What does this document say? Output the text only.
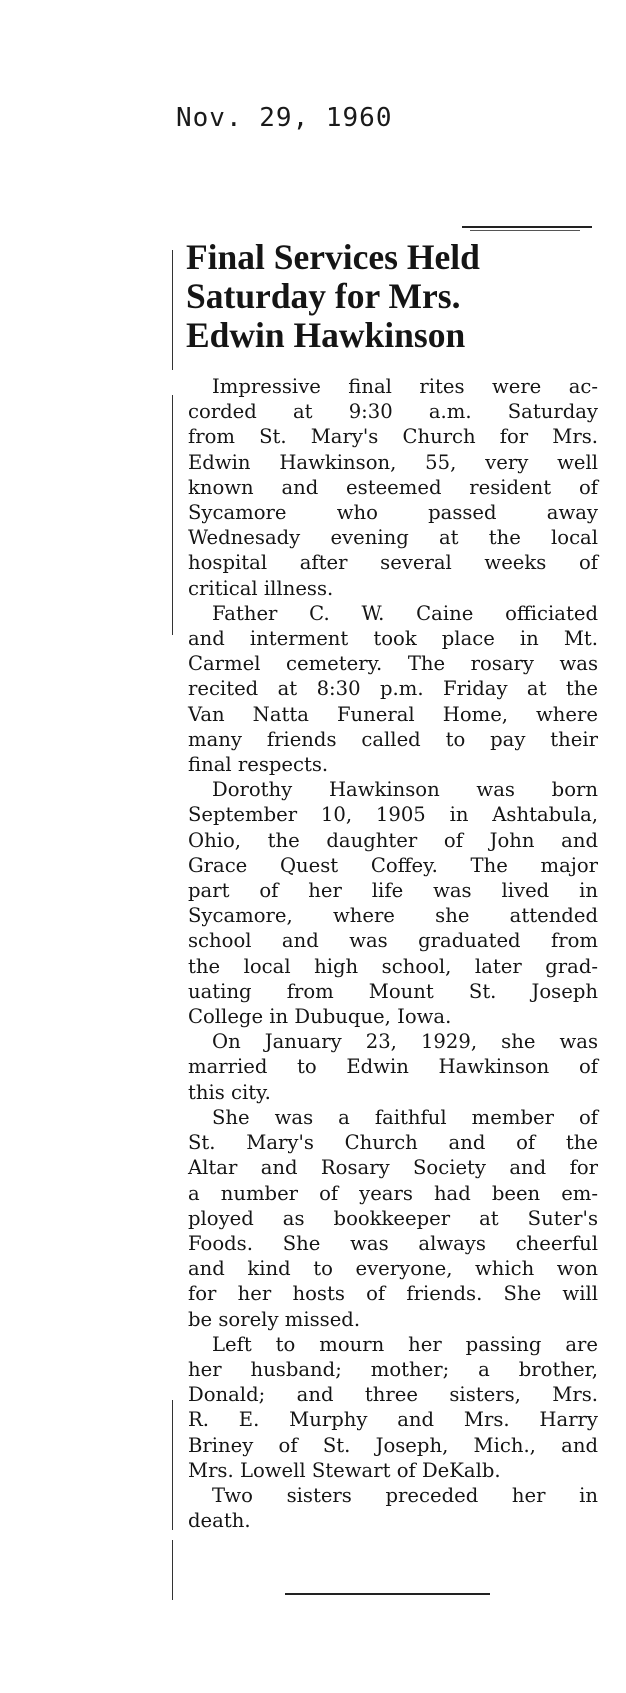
Nov. 29, 1960
Final Services Held
Saturday for Mrs.
Edwin Hawkinson
Impressive final rites were ac-
corded at 9:30 a.m. Saturday
from St. Mary's Church for Mrs.
Edwin Hawkinson, 55, very well
known and esteemed resident of
Sycamore who passed away
Wednesady evening at the local
hospital after several weeks of
critical illness.
Father C. W. Caine officiated
and interment took place in Mt.
Carmel cemetery. The rosary was
recited at 8:30 p.m. Friday at the
Van Natta Funeral Home, where
many friends called to pay their
final respects.
Dorothy Hawkinson was born
September 10, 1905 in Ashtabula,
Ohio, the daughter of John and
Grace Quest Coffey. The major
part of her life was lived in
Sycamore, where she attended
school and was graduated from
the local high school, later grad-
uating from Mount St. Joseph
College in Dubuque, Iowa.
On January 23, 1929, she was
married to Edwin Hawkinson of
this city.
She was a faithful member of
St. Mary's Church and of the
Altar and Rosary Society and for
a number of years had been em-
ployed as bookkeeper at Suter's
Foods. She was always cheerful
and kind to everyone, which won
for her hosts of friends. She will
be sorely missed.
Left to mourn her passing are
her husband; mother; a brother,
Donald; and three sisters, Mrs.
R. E. Murphy and Mrs. Harry
Briney of St. Joseph, Mich., and
Mrs. Lowell Stewart of DeKalb.
Two sisters preceded her in
death.
